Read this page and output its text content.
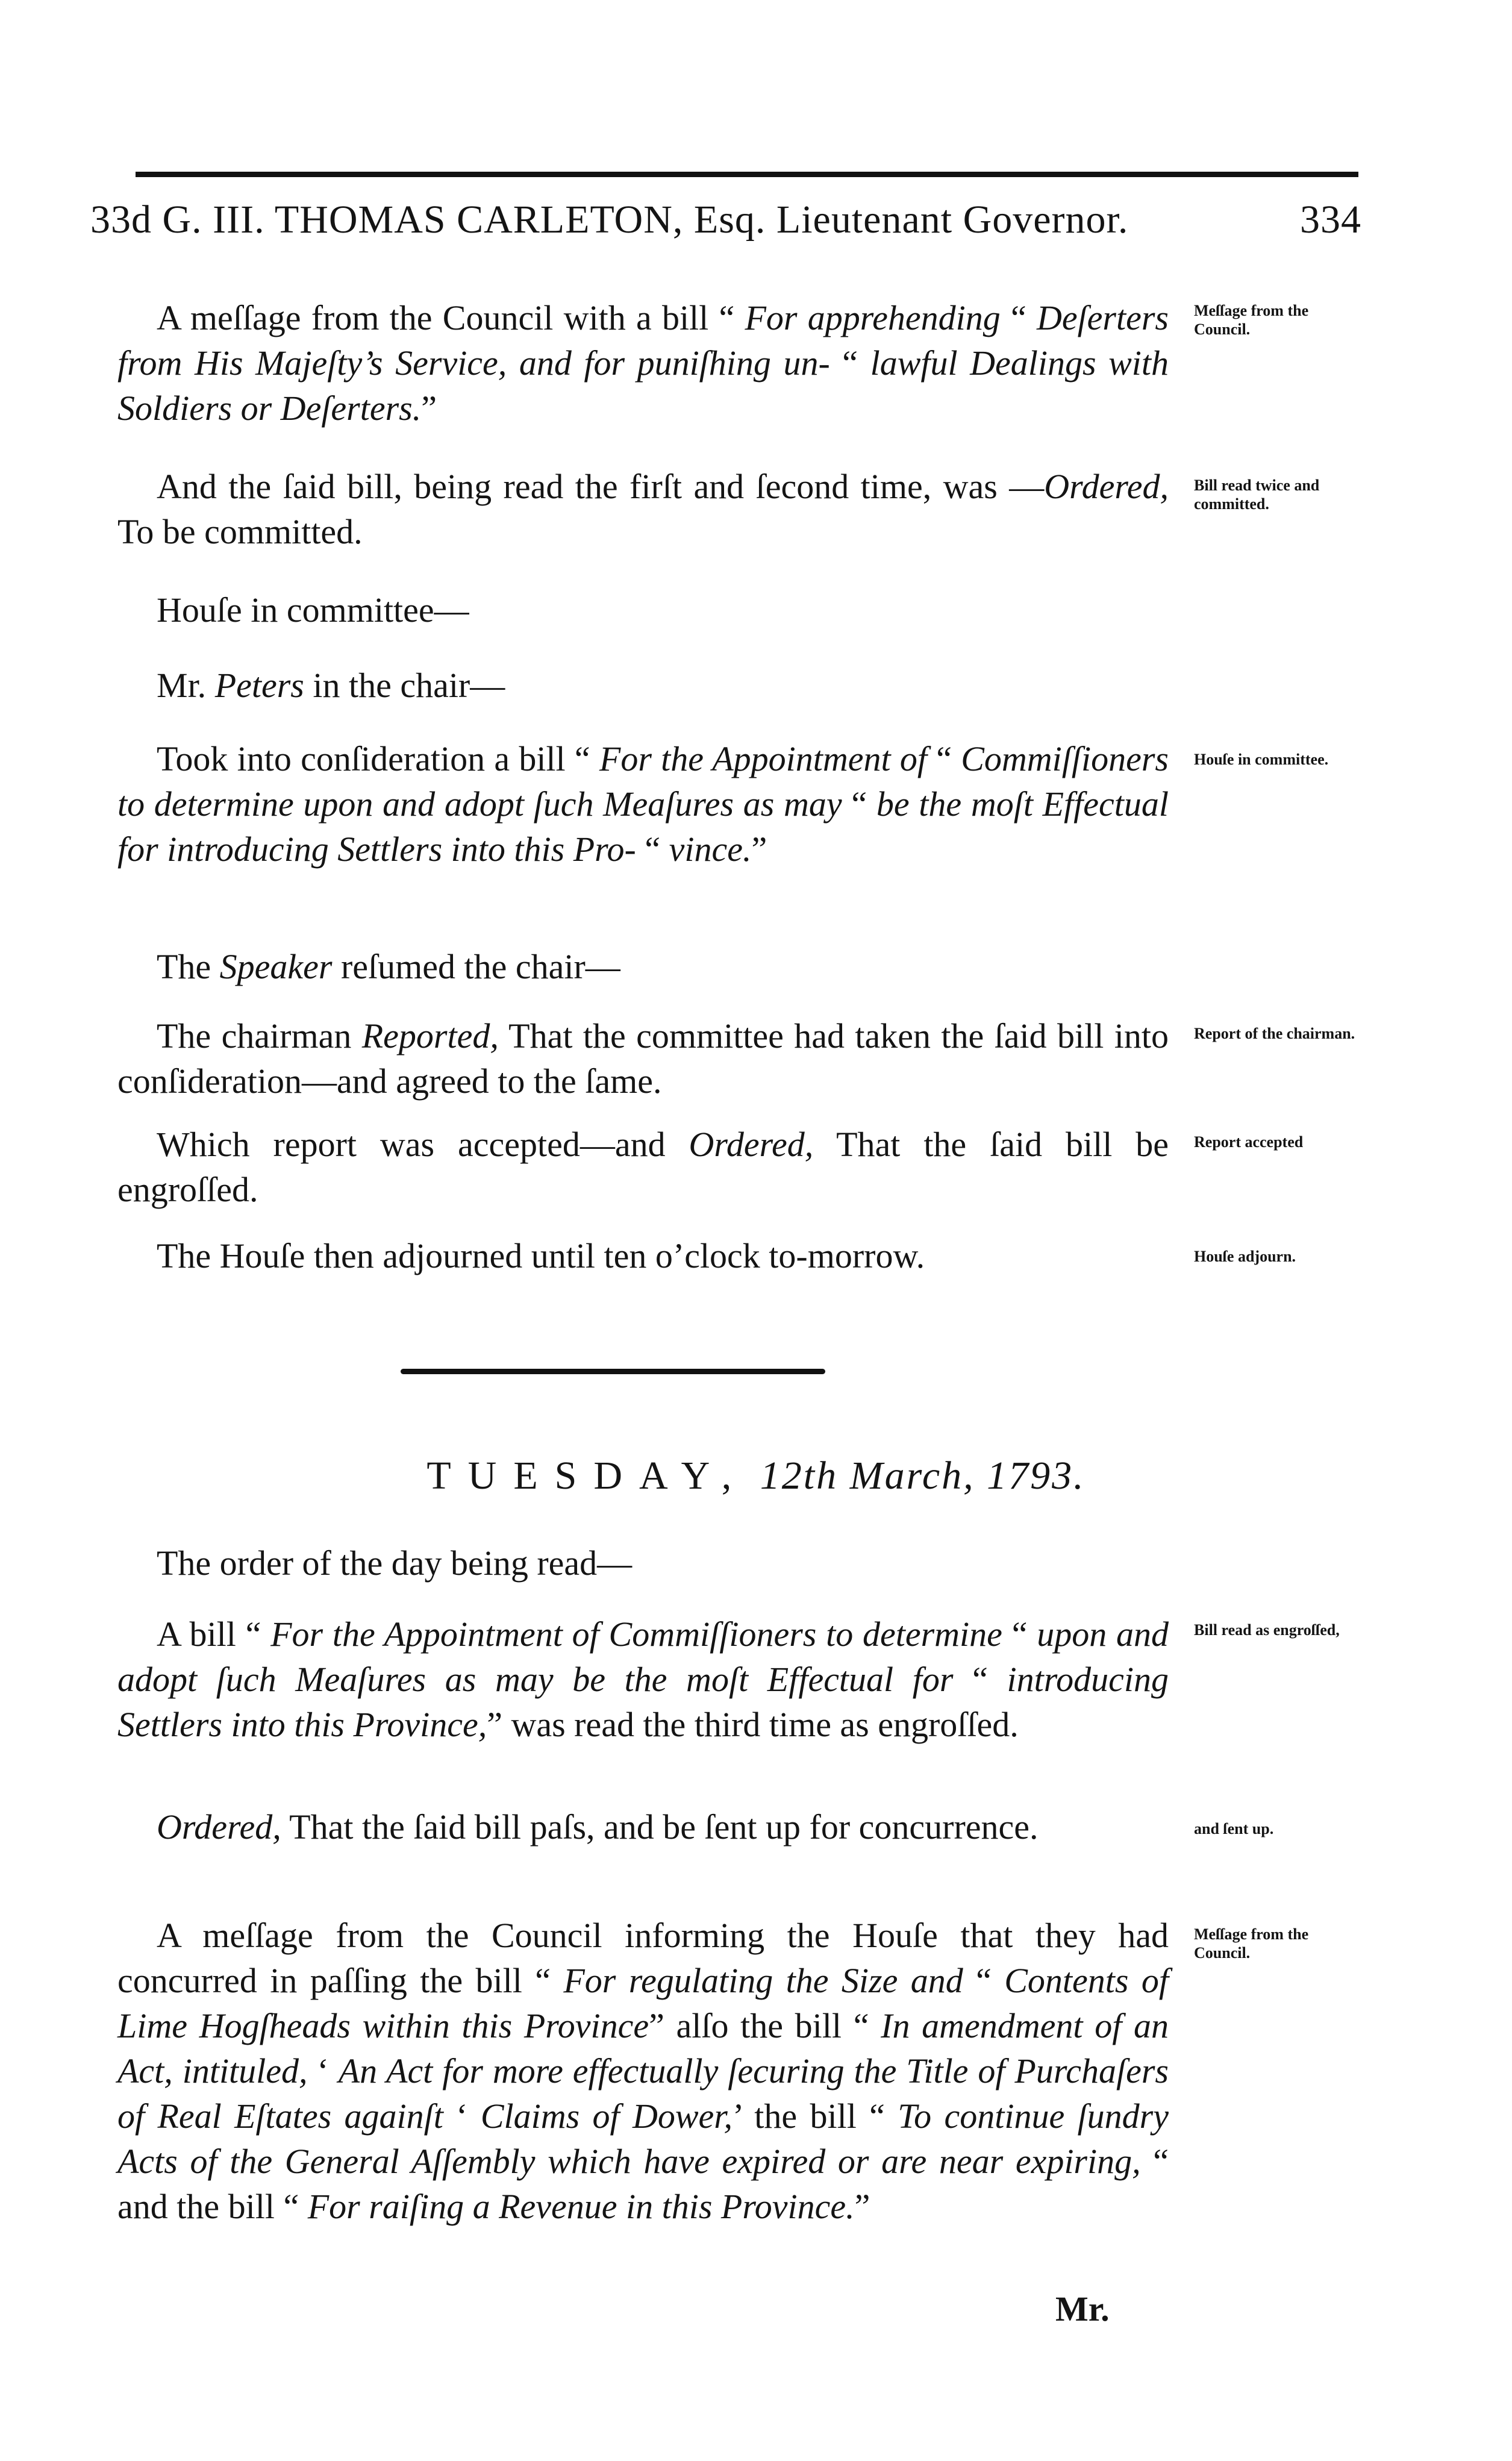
33d G. III. THOMAS CARLETON, Esq. Lieutenant Governor.	334
A meſſage from the Council with a bill “ For apprehending “ Deſerters from His Majeſty’s Service, and for puniſhing un- “ lawful Dealings with Soldiers or Deſerters.”
Meſſage from the Council.
And the ſaid bill, being read the firſt and ſecond time, was —Ordered, To be committed.
Bill read twice and committed.
Houſe in committee—
Mr. Peters in the chair—
Took into conſideration a bill “ For the Appointment of “ Commiſſioners to determine upon and adopt ſuch Meaſures as may “ be the moſt Effectual for introducing Settlers into this Pro- “ vince.”
Houſe in committee.
The Speaker reſumed the chair—
The chairman Reported, That the committee had taken the ſaid bill into conſideration—and agreed to the ſame.
Report of the chairman.
Which report was accepted—and Ordered, That the ſaid bill be engroſſed.
Report accepted
The Houſe then adjourned until ten o’clock to-morrow.	Houſe adjourn.
TUESDAY, 12th March, 1793.
The order of the day being read—
A bill “ For the Appointment of Commiſſioners to determine “ upon and adopt ſuch Meaſures as may be the moſt Effectual for “ introducing Settlers into this Province,” was read the third time as engroſſed.
Bill read as engroſſed,
Ordered, That the ſaid bill paſs, and be ſent up for concurrence.	and ſent up.
A meſſage from the Council informing the Houſe that they had concurred in paſſing the bill “ For regulating the Size and “ Contents of Lime Hogſheads within this Province” alſo the bill “ In amendment of an Act, intituled, ‘ An Act for more effectually ſecuring the Title of Purchaſers of Real Eſtates againſt ‘ Claims of Dower,’ the bill “ To continue ſundry Acts of the General Aſſembly which have expired or are near expiring, “ and the bill “ For raiſing a Revenue in this Province.”
Meſſage from the Council.
Mr.
